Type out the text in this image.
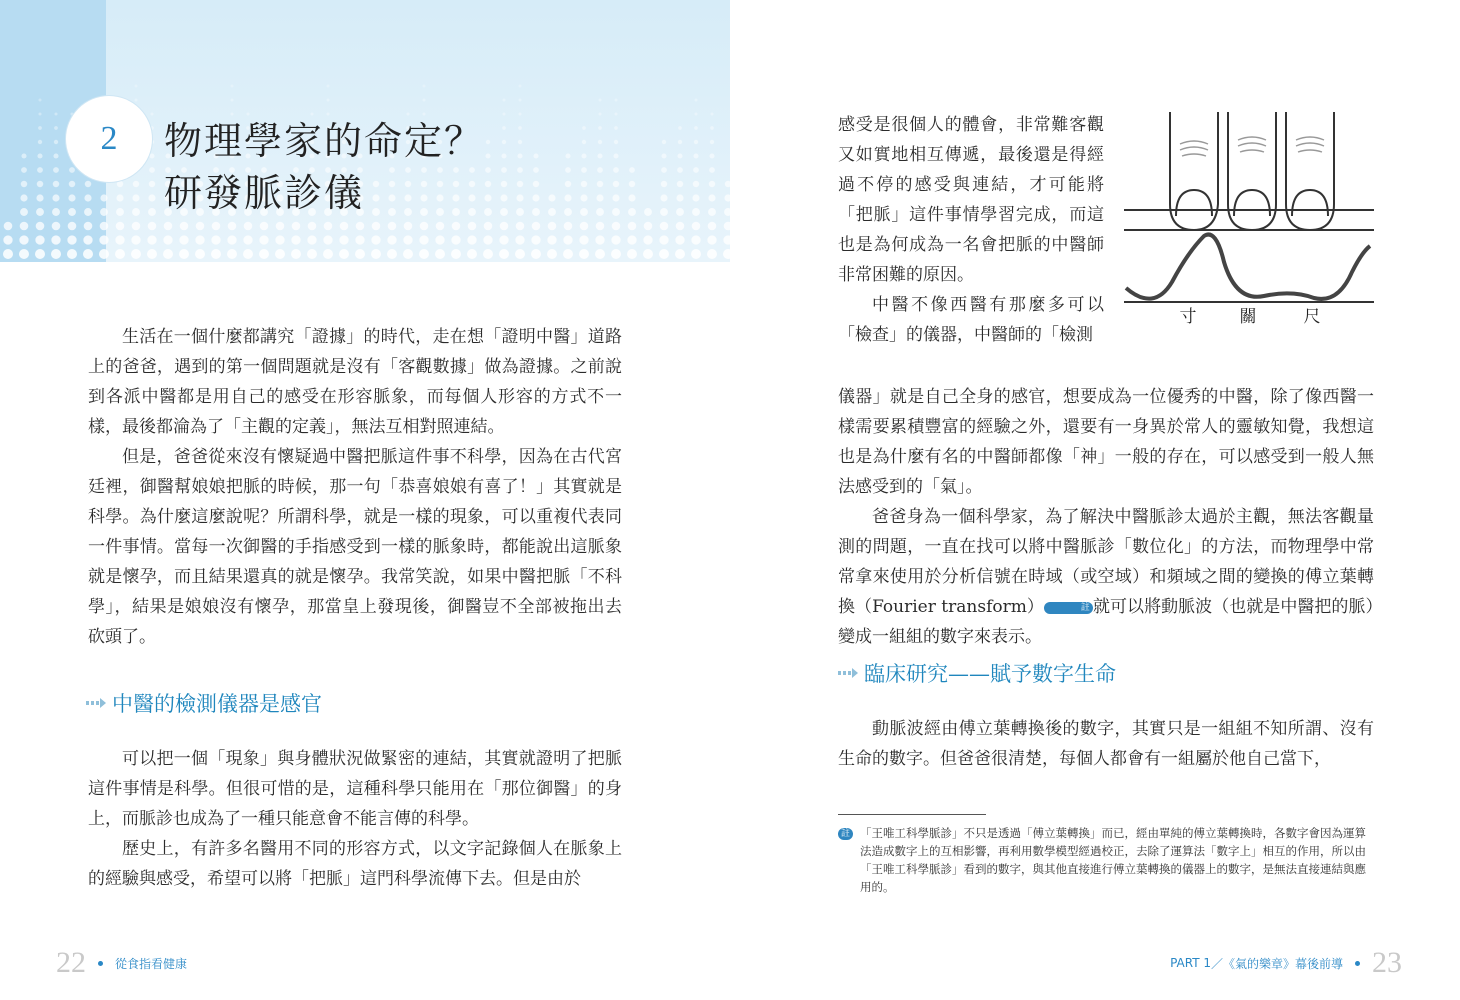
2 物理學家的命定？
研發脈診儀

生活在一個什麼都講究「證據」的時代，走在想「證明中醫」道路上的爸爸，遇到的第一個問題就是沒有「客觀數據」做為證據。之前說到各派中醫都是用自己的感受在形容脈象，而每個人形容的方式不一樣，最後都淪為了「主觀的定義」，無法互相對照連結。

但是，爸爸從來沒有懷疑過中醫把脈這件事不科學，因為在古代宮廷裡，御醫幫娘娘把脈的時候，那一句「恭喜娘娘有喜了！」其實就是科學。為什麼這麼說呢？所謂科學，就是一樣的現象，可以重複代表同一件事情。當每一次御醫的手指感受到一樣的脈象時，都能說出這脈象就是懷孕，而且結果還真的就是懷孕。我常笑說，如果中醫把脈「不科學」，結果是娘娘沒有懷孕，那當皇上發現後，御醫豈不全部被拖出去砍頭了。

中醫的檢測儀器是感官

可以把一個「現象」與身體狀況做緊密的連結，其實就證明了把脈這件事情是科學。但很可惜的是，這種科學只能用在「那位御醫」的身上，而脈診也成為了一種只能意會不能言傳的科學。

歷史上，有許多名醫用不同的形容方式，以文字記錄個人在脈象上的經驗與感受，希望可以將「把脈」這門科學流傳下去。但是由於

22 從食指看健康

感受是很個人的體會，非常難客觀又如實地相互傳遞，最後還是得經過不停的感受與連結，才可能將「把脈」這件事情學習完成，而這也是為何成為一名會把脈的中醫師非常困難的原因。

中醫不像西醫有那麼多可以「檢查」的儀器，中醫師的「檢測

寸	關	尺

儀器」就是自己全身的感官，想要成為一位優秀的中醫，除了像西醫一樣需要累積豐富的經驗之外，還要有一身異於常人的靈敏知覺，我想這也是為什麼有名的中醫師都像「神」一般的存在，可以感受到一般人無法感受到的「氣」。

爸爸身為一個科學家，為了解決中醫脈診太過於主觀，無法客觀量測的問題，一直在找可以將中醫脈診「數位化」的方法，而物理學中常常拿來使用於分析信號在時域（或空域）和頻域之間的變換的傅立葉轉換（Fourier transform）	註 就可以將動脈波（也就是中醫把的脈）變成一組組的數字來表示。

臨床研究——賦予數字生命

動脈波經由傅立葉轉換後的數字，其實只是一組組不知所謂、沒有生命的數字。但爸爸很清楚，每個人都會有一組屬於他自己當下，

註 「王唯工科學脈診」不只是透過「傅立葉轉換」而已，經由單純的傅立葉轉換時，各數字會因為運算法造成數字上的互相影響，再利用數學模型經過校正，去除了運算法「數字上」相互的作用，所以由「王唯工科學脈診」看到的數字，與其他直接進行傅立葉轉換的儀器上的數字，是無法直接連結與應用的。
PART 1 ／《氣的樂章》幕後前導 23
